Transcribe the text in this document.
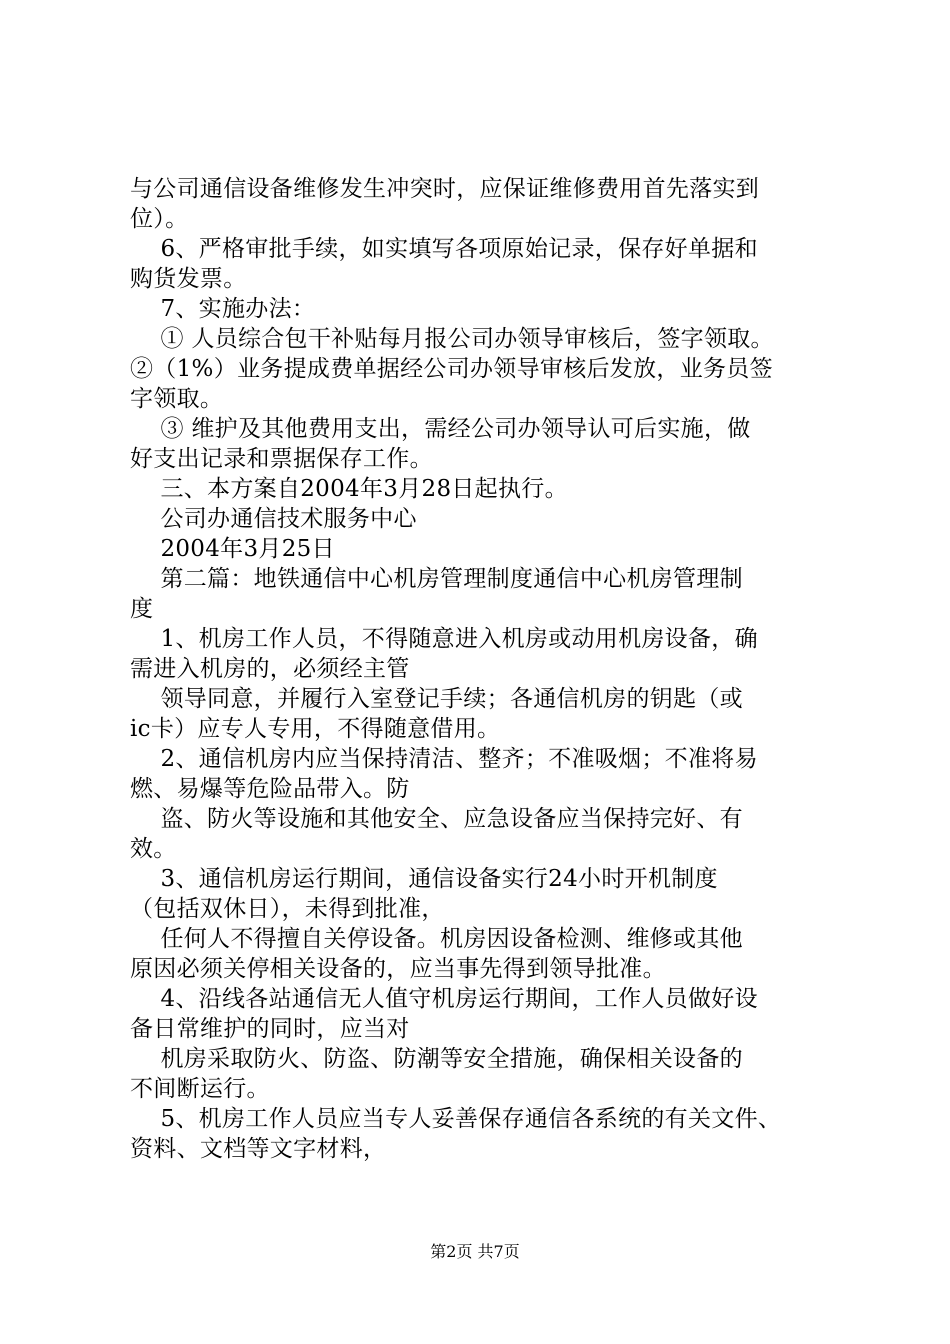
与公司通信设备维修发生冲突时，应保证维修费用首先落实到
位）。
6、严格审批手续，如实填写各项原始记录，保存好单据和
购货发票。
7、实施办法：
① 人员综合包干补贴每月报公司办领导审核后，签字领取。
②（1%）业务提成费单据经公司办领导审核后发放，业务员签
字领取。
③ 维护及其他费用支出，需经公司办领导认可后实施，做
好支出记录和票据保存工作。
三、本方案自2004年3月28日起执行。
公司办通信技术服务中心
2004年3月25日
第二篇：地铁通信中心机房管理制度通信中心机房管理制
度
1、机房工作人员，不得随意进入机房或动用机房设备，确
需进入机房的，必须经主管
领导同意，并履行入室登记手续；各通信机房的钥匙（或
ic卡）应专人专用，不得随意借用。
2、通信机房内应当保持清洁、整齐；不准吸烟；不准将易
燃、易爆等危险品带入。防
盗、防火等设施和其他安全、应急设备应当保持完好、有
效。
3、通信机房运行期间，通信设备实行24小时开机制度
（包括双休日），未得到批准，
任何人不得擅自关停设备。机房因设备检测、维修或其他
原因必须关停相关设备的，应当事先得到领导批准。
4、沿线各站通信无人值守机房运行期间，工作人员做好设
备日常维护的同时，应当对
机房采取防火、防盗、防潮等安全措施，确保相关设备的
不间断运行。
5、机房工作人员应当专人妥善保存通信各系统的有关文件、
资料、文档等文字材料，
第2页 共7页
